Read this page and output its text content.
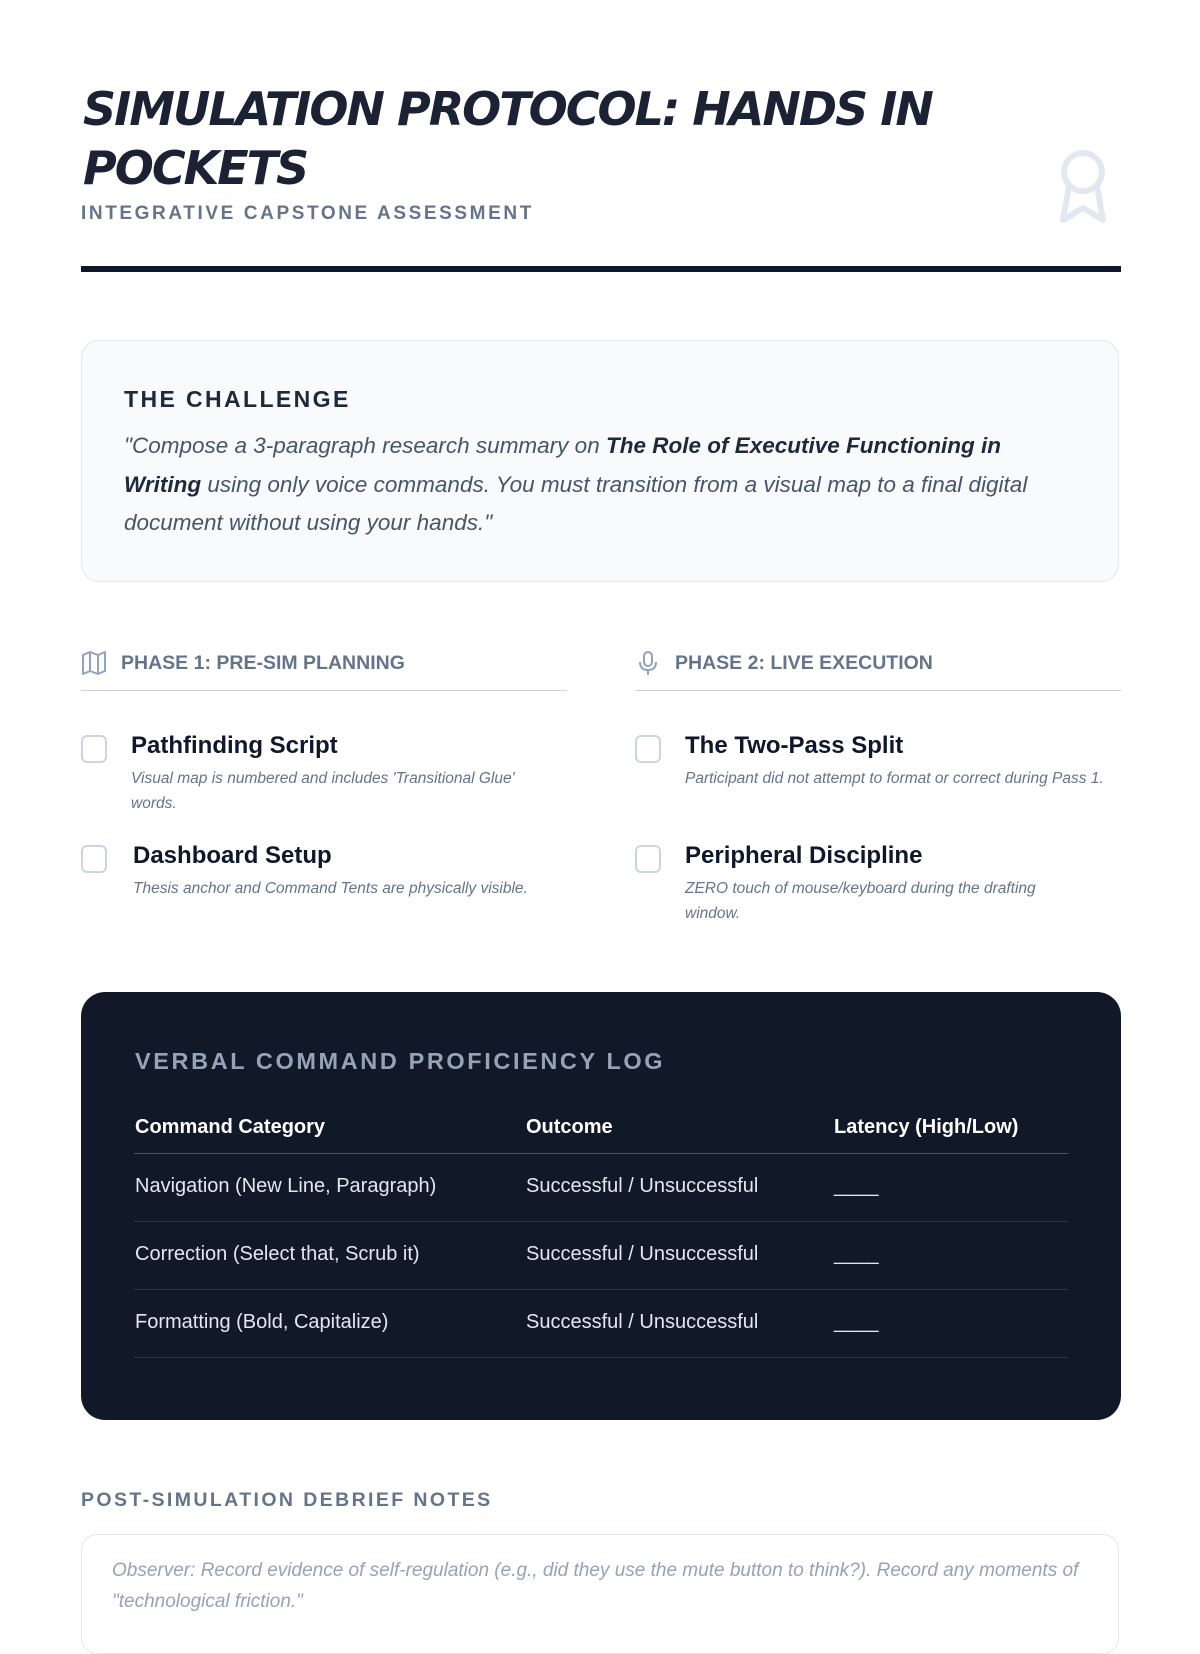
SIMULATION PROTOCOL: HANDS IN POCKETS
INTEGRATIVE CAPSTONE ASSESSMENT
THE CHALLENGE

"Compose a 3-paragraph research summary on The Role of Executive Functioning in Writing using only voice commands. You must transition from a visual map to a final digital document without using your hands."

PHASE 1: PRE-SIM PLANNING
Pathfinding Script
Visual map is numbered and includes 'Transitional Glue' words.
Dashboard Setup
Thesis anchor and Command Tents are physically visible.
PHASE 2: LIVE EXECUTION
The Two-Pass Split
Participant did not attempt to format or correct during Pass 1.
Peripheral Discipline
ZERO touch of mouse/keyboard during the drafting window.
VERBAL COMMAND PROFICIENCY LOG
Command Category	Outcome	Latency (High/Low)
Navigation (New Line, Paragraph)	Successful / Unsuccessful	____
Correction (Select that, Scrub it)	Successful / Unsuccessful	____
Formatting (Bold, Capitalize)	Successful / Unsuccessful	____
POST-SIMULATION DEBRIEF NOTES
Observer: Record evidence of self-regulation (e.g., did they use the mute button to think?). Record any moments of "technological friction."
